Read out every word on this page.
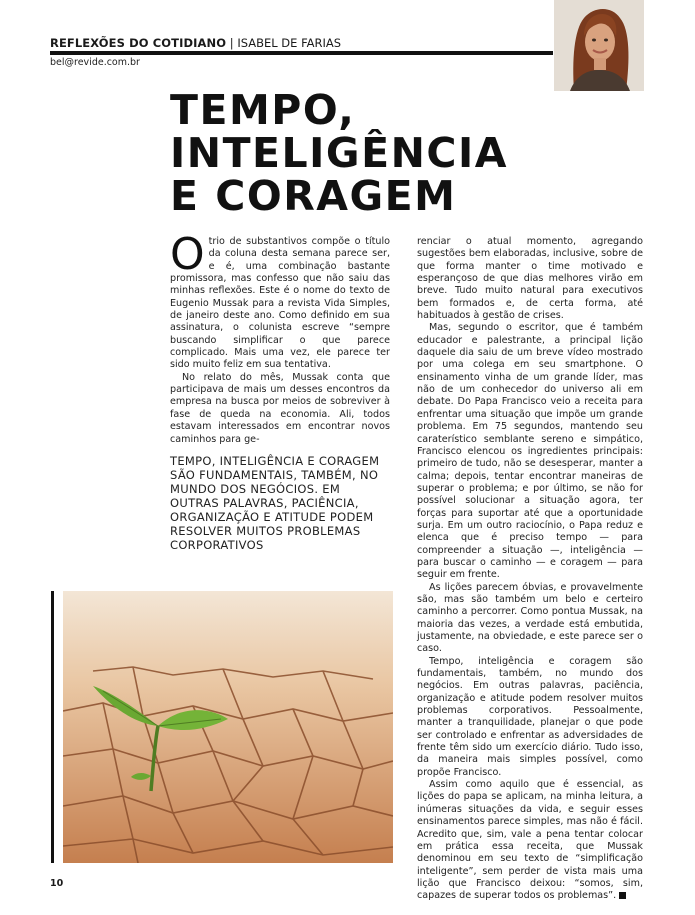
REFLEXÕES DO COTIDIANO | ISABEL DE FARIAS
bel@revide.com.br
TEMPO,
INTELIGÊNCIA
E CORAGEM

Otrio de substantivos compõe o título da coluna desta semana parece ser, e é, uma combinação bastante promissora, mas confesso que não saiu das minhas reflexões. Este é o nome do texto de Eugenio Mussak para a revista Vida Simples, de janeiro deste ano. Como definido em sua assinatura, o colunista escreve “sempre buscando simplificar o que parece complicado. Mais uma vez, ele parece ter sido muito feliz em sua tentativa.

No relato do mês, Mussak conta que participava de mais um desses encontros da empresa na busca por meios de sobreviver à fase de queda na economia. Ali, todos estavam interessados em encontrar novos caminhos para ge-

TEMPO, INTELIGÊNCIA E CORAGEM SÃO FUNDAMENTAIS, TAMBÉM, NO MUNDO DOS NEGÓCIOS. EM OUTRAS PALAVRAS, PACIÊNCIA, ORGANIZAÇÃO E ATITUDE PODEM RESOLVER MUITOS PROBLEMAS CORPORATIVOS

renciar o atual momento, agregando sugestões bem elaboradas, inclusive, sobre de que forma manter o time motivado e esperançoso de que dias melhores virão em breve. Tudo muito natural para executivos bem formados e, de certa forma, até habituados à gestão de crises.

Mas, segundo o escritor, que é também educador e palestrante, a principal lição daquele dia saiu de um breve vídeo mostrado por uma colega em seu smartphone. O ensinamento vinha de um grande líder, mas não de um conhecedor do universo ali em debate. Do Papa Francisco veio a receita para enfrentar uma situação que impõe um grande problema. Em 75 segundos, mantendo seu caraterístico semblante sereno e simpático, Francisco elencou os ingredientes principais: primeiro de tudo, não se desesperar, manter a calma; depois, tentar encontrar maneiras de superar o problema; e por último, se não for possível solucionar a situação agora, ter forças para suportar até que a oportunidade surja. Em um outro raciocínio, o Papa reduz e elenca que é preciso tempo — para compreender a situação —, inteligência — para buscar o caminho — e coragem — para seguir em frente.

As lições parecem óbvias, e provavelmente são, mas são também um belo e certeiro caminho a percorrer. Como pontua Mussak, na maioria das vezes, a verdade está embutida, justamente, na obviedade, e este parece ser o caso.

Tempo, inteligência e coragem são fundamentais, também, no mundo dos negócios. Em outras palavras, paciência, organização e atitude podem resolver muitos problemas corporativos. Pessoalmente, manter a tranquilidade, planejar o que pode ser controlado e enfrentar as adversidades de frente têm sido um exercício diário. Tudo isso, da maneira mais simples possível, como propõe Francisco.

Assim como aquilo que é essencial, as lições do papa se aplicam, na minha leitura, a inúmeras situações da vida, e seguir esses ensinamentos parece simples, mas não é fácil. Acredito que, sim, vale a pena tentar colocar em prática essa receita, que Mussak denominou em seu texto de “simplificação inteligente”, sem perder de vista mais uma lição que Francisco deixou: “somos, sim, capazes de superar todos os problemas”.

10
